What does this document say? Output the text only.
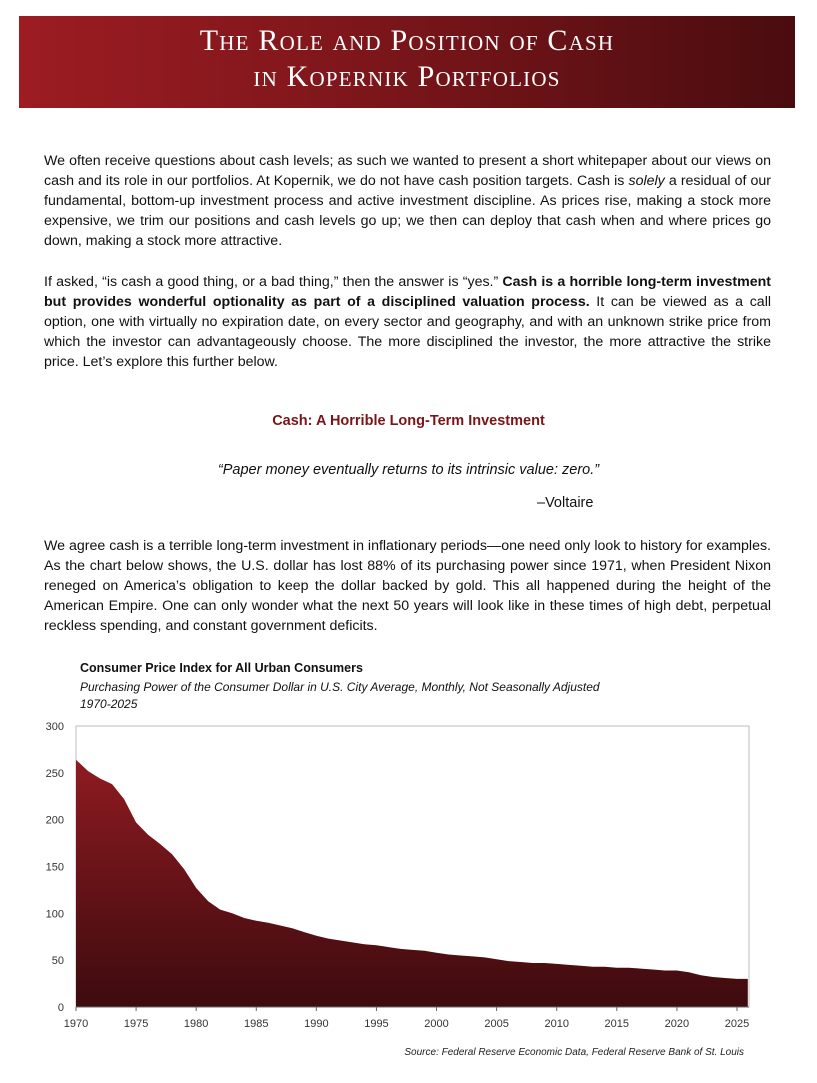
The Role and Position of Cash
in Kopernik Portfolios

We often receive questions about cash levels; as such we wanted to present a short whitepaper about our views on cash and its role in our portfolios. At Kopernik, we do not have cash position targets. Cash is solely a residual of our fundamental, bottom-up investment process and active investment discipline. As prices rise, making a stock more expensive, we trim our positions and cash levels go up; we then can deploy that cash when and where prices go down, making a stock more attractive.

If asked, “is cash a good thing, or a bad thing,” then the answer is “yes.” Cash is a horrible long-term investment but provides wonderful optionality as part of a disciplined valuation process. It can be viewed as a call option, one with virtually no expiration date, on every sector and geography, and with an unknown strike price from which the investor can advantageously choose. The more disciplined the investor, the more attractive the strike price. Let’s explore this further below.

Cash: A Horrible Long-Term Investment
“Paper money eventually returns to its intrinsic value: zero.”
–Voltaire

We agree cash is a terrible long-term investment in inflationary periods—one need only look to history for examples. As the chart below shows, the U.S. dollar has lost 88% of its purchasing power since 1971, when President Nixon reneged on America’s obligation to keep the dollar backed by gold. This all happened during the height of the American Empire. One can only wonder what the next 50 years will look like in these times of high debt, perpetual reckless spending, and constant government deficits.

Consumer Price Index for All Urban Consumers
Purchasing Power of the Consumer Dollar in U.S. City Average, Monthly, Not Seasonally Adjusted
1970-2025
300
250
200
150
100
50
0
1970	1975	1980	1985	1990	1995	2000	2005	2010	2015	2020	2025
Source: Federal Reserve Economic Data, Federal Reserve Bank of St. Louis
